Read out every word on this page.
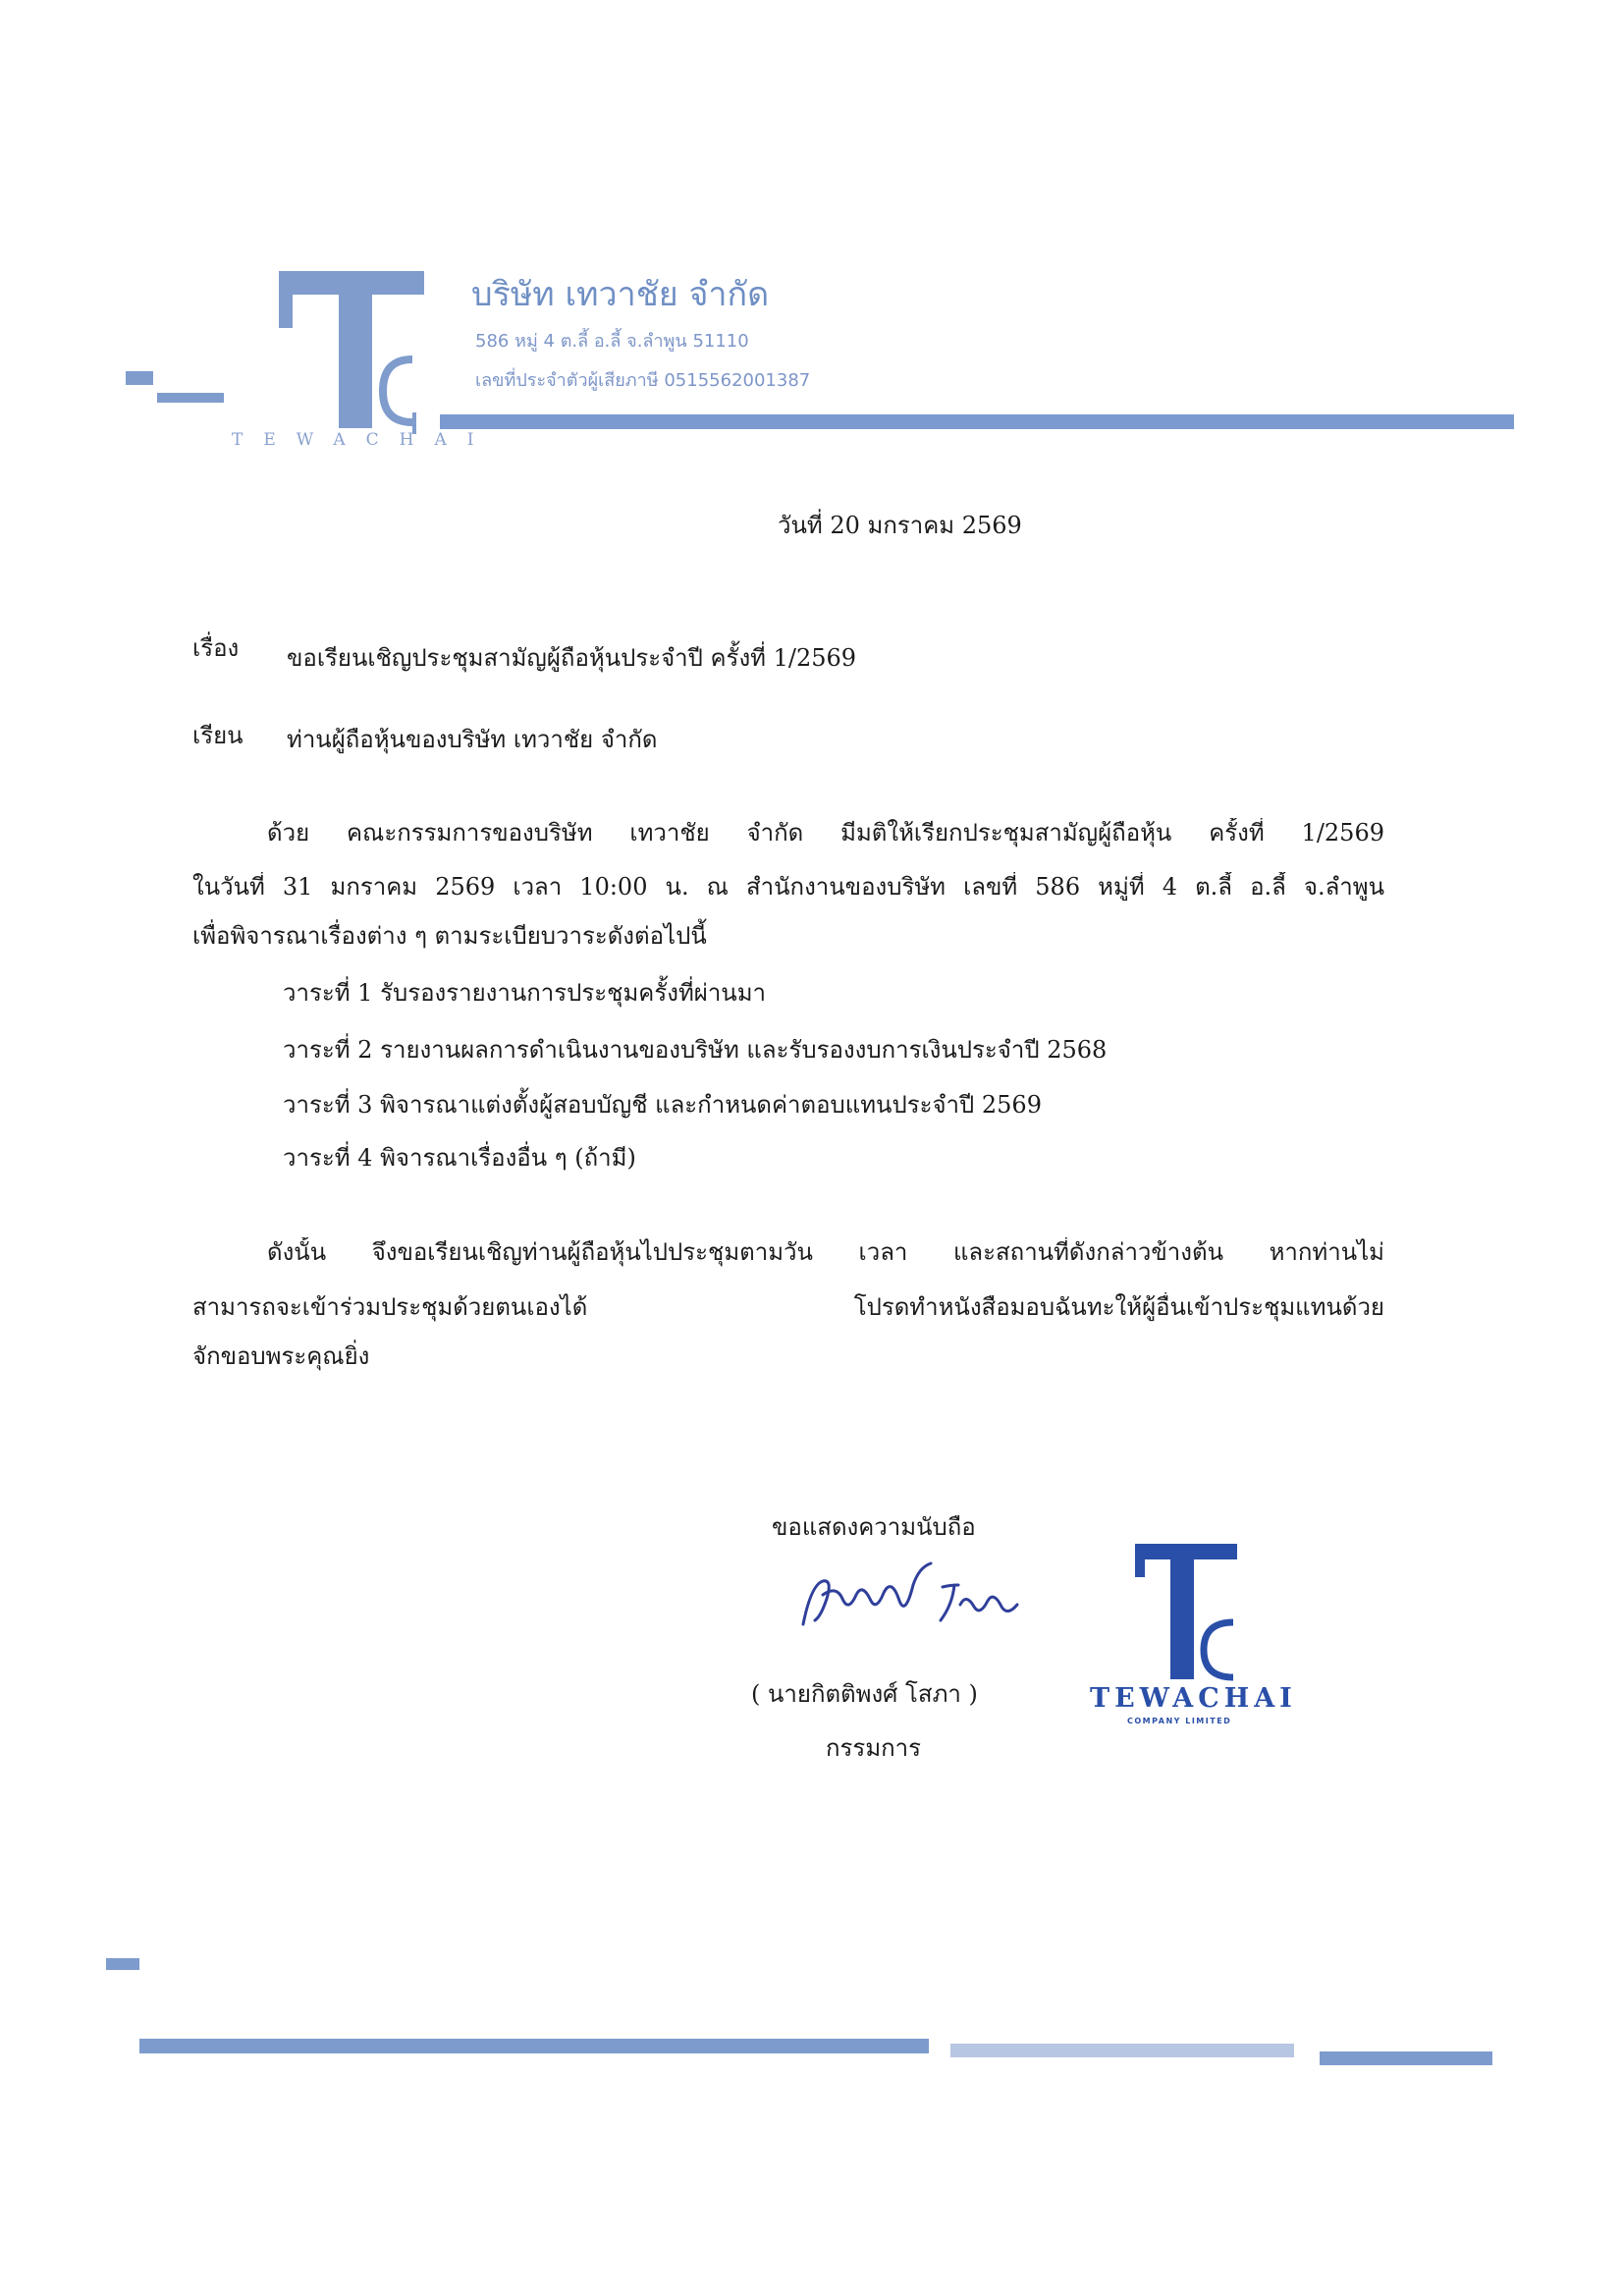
TEWACHAI
บริษัท เทวาชัย จำกัด
586 หมู่ 4 ต.ลี้ อ.ลี้ จ.ลำพูน 51110
เลขที่ประจำตัวผู้เสียภาษี 0515562001387
วันที่ 20 มกราคม 2569
เรื่อง ขอเรียนเชิญประชุมสามัญผู้ถือหุ้นประจำปี ครั้งที่ 1/2569
เรียน ท่านผู้ถือหุ้นของบริษัท เทวาชัย จำกัด
ด้วย คณะกรรมการของบริษัท เทวาชัย จำกัด มีมติให้เรียกประชุมสามัญผู้ถือหุ้น ครั้งที่ 1/2569
ในวันที่ 31 มกราคม 2569 เวลา 10:00 น. ณ สำนักงานของบริษัท เลขที่ 586 หมู่ที่ 4 ต.ลี้ อ.ลี้ จ.ลำพูน
เพื่อพิจารณาเรื่องต่าง ๆ ตามระเบียบวาระดังต่อไปนี้
วาระที่ 1 รับรองรายงานการประชุมครั้งที่ผ่านมา
วาระที่ 2 รายงานผลการดำเนินงานของบริษัท และรับรองงบการเงินประจำปี 2568
วาระที่ 3 พิจารณาแต่งตั้งผู้สอบบัญชี และกำหนดค่าตอบแทนประจำปี 2569
วาระที่ 4 พิจารณาเรื่องอื่น ๆ (ถ้ามี)
ดังนั้น จึงขอเรียนเชิญท่านผู้ถือหุ้นไปประชุมตามวัน เวลา และสถานที่ดังกล่าวข้างต้น หากท่านไม่
สามารถจะเข้าร่วมประชุมด้วยตนเองได้ โปรดทำหนังสือมอบฉันทะให้ผู้อื่นเข้าประชุมแทนด้วย
จักขอบพระคุณยิ่ง
ขอแสดงความนับถือ
( นายกิตติพงศ์ โสภา )
กรรมการ
TEWACHAI
COMPANY LIMITED
